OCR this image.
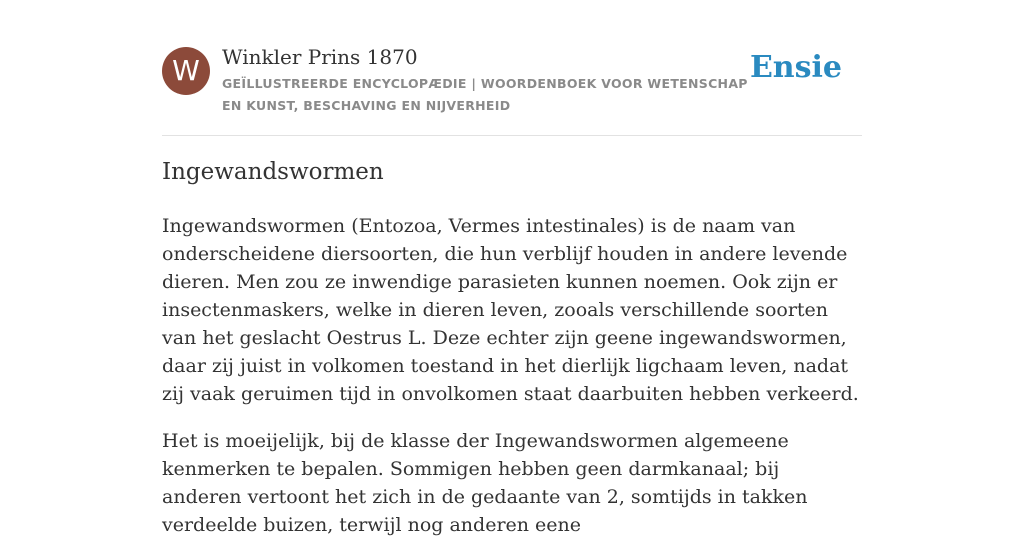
W	Winkler Prins 1870
GEÏLLUSTREERDE ENCYCLOPÆDIE | WOORDENBOEK VOOR WETENSCHAP EN KUNST, BESCHAVING EN NIJVERHEID
Ensie
Ingewandswormen

Ingewandswormen (Entozoa, Vermes intestinales) is de naam van onderscheidene diersoorten, die hun verblijf houden in andere levende dieren. Men zou ze inwendige parasieten kunnen noemen. Ook zijn er insectenmaskers, welke in dieren leven, zooals verschillende soorten van het geslacht Oestrus L. Deze echter zijn geene ingewandswormen, daar zij juist in volkomen toestand in het dierlijk ligchaam leven, nadat zij vaak geruimen tijd in onvolkomen staat daarbuiten hebben verkeerd.

Het is moeijelijk, bij de klasse der Ingewandswormen algemeene kenmerken te bepalen. Sommigen hebben geen darmkanaal; bij anderen vertoont het zich in de gedaante van 2, somtijds in takken verdeelde buizen, terwijl nog anderen eene
